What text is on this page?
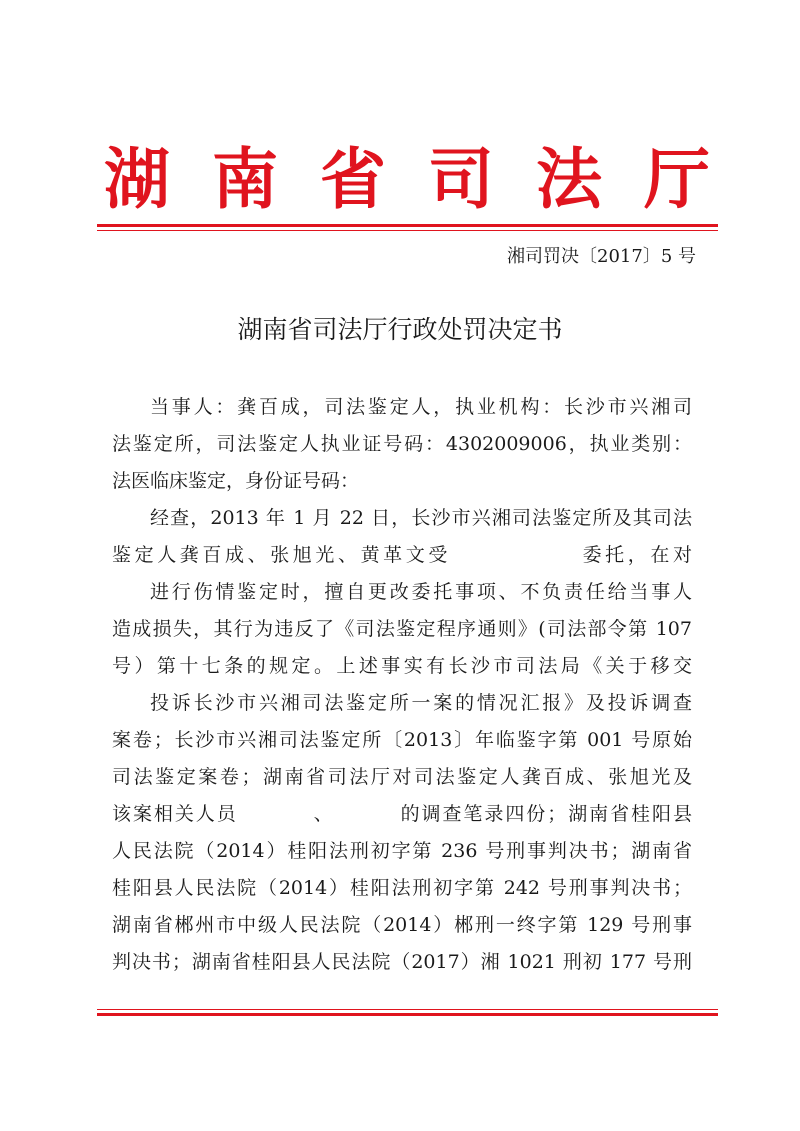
湖 南 省 司 法 厅
湘司罚决〔2017〕5 号
湖南省司法厅行政处罚决定书
当事人：龚百成，司法鉴定人，执业机构：长沙市兴湘司
法鉴定所，司法鉴定人执业证号码：4302009006，执业类别：
法医临床鉴定，身份证号码：
经查，2013 年 1 月 22 日，长沙市兴湘司法鉴定所及其司法
鉴定人龚百成、张旭光、黄革文受	委托，在对
进行伤情鉴定时，擅自更改委托事项、不负责任给当事人
造成损失，其行为违反了《司法鉴定程序通则》(司法部令第 107
号）第十七条的规定。上述事实有长沙市司法局《关于移交
投诉长沙市兴湘司法鉴定所一案的情况汇报》及投诉调查
案卷；长沙市兴湘司法鉴定所〔2013〕年临鉴字第 001 号原始
司法鉴定案卷；湖南省司法厅对司法鉴定人龚百成、张旭光及
该案相关人员	、	的调查笔录四份；湖南省桂阳县
人民法院（2014）桂阳法刑初字第 236 号刑事判决书；湖南省
桂阳县人民法院（2014）桂阳法刑初字第 242 号刑事判决书；
湖南省郴州市中级人民法院（2014）郴刑一终字第 129 号刑事
判决书；湖南省桂阳县人民法院（2017）湘 1021 刑初 177 号刑
